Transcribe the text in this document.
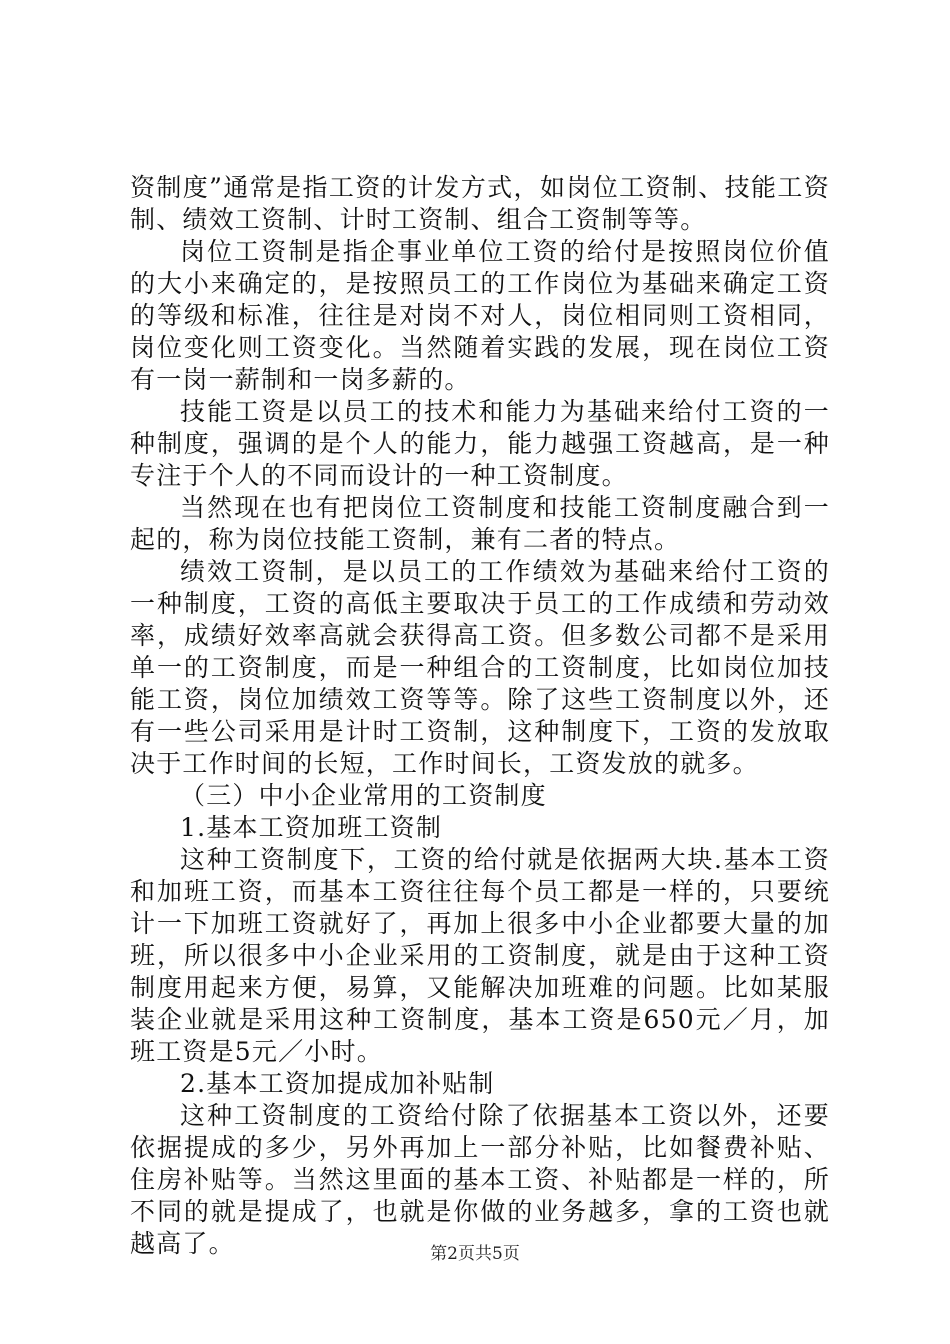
资制度”通常是指工资的计发方式，如岗位工资制、技能工资制、绩效工资制、计时工资制、组合工资制等等。

岗位工资制是指企事业单位工资的给付是按照岗位价值的大小来确定的，是按照员工的工作岗位为基础来确定工资的等级和标准，往往是对岗不对人，岗位相同则工资相同，岗位变化则工资变化。当然随着实践的发展，现在岗位工资有一岗一薪制和一岗多薪的。

技能工资是以员工的技术和能力为基础来给付工资的一种制度，强调的是个人的能力，能力越强工资越高，是一种专注于个人的不同而设计的一种工资制度。

当然现在也有把岗位工资制度和技能工资制度融合到一起的，称为岗位技能工资制，兼有二者的特点。

绩效工资制，是以员工的工作绩效为基础来给付工资的一种制度，工资的高低主要取决于员工的工作成绩和劳动效率，成绩好效率高就会获得高工资。但多数公司都不是采用单一的工资制度，而是一种组合的工资制度，比如岗位加技能工资，岗位加绩效工资等等。除了这些工资制度以外，还有一些公司采用是计时工资制，这种制度下，工资的发放取决于工作时间的长短，工作时间长，工资发放的就多。

（三）中小企业常用的工资制度

1.基本工资加班工资制

这种工资制度下，工资的给付就是依据两大块.基本工资和加班工资，而基本工资往往每个员工都是一样的，只要统计一下加班工资就好了，再加上很多中小企业都要大量的加班，所以很多中小企业采用的工资制度，就是由于这种工资制度用起来方便，易算，又能解决加班难的问题。比如某服装企业就是采用这种工资制度，基本工资是650元／月，加班工资是5元／小时。

2.基本工资加提成加补贴制

这种工资制度的工资给付除了依据基本工资以外，还要依据提成的多少，另外再加上一部分补贴，比如餐费补贴、住房补贴等。当然这里面的基本工资、补贴都是一样的，所不同的就是提成了，也就是你做的业务越多，拿的工资也就越高了。	第2页共5页
